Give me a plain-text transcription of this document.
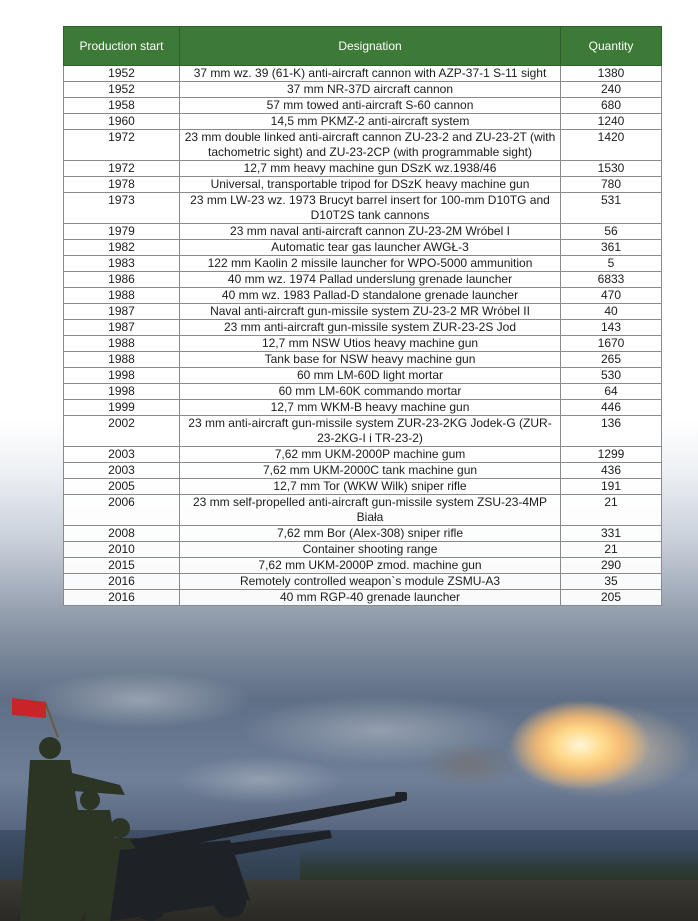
Production start	Designation	Quantity
1952	37 mm wz. 39 (61-K) anti-aircraft cannon with AZP-37-1 S-11 sight	1380
1952	37 mm NR-37D aircraft cannon	240
1958	57 mm towed anti-aircraft S-60 cannon	680
1960	14,5 mm PKMZ-2 anti-aircraft system	1240
1972	23 mm double linked anti-aircraft cannon ZU-23-2 and ZU-23-2T (with tachometric sight) and ZU-23-2CP (with programmable sight)	1420
1972	12,7 mm heavy machine gun DSzK wz.1938/46	1530
1978	Universal, transportable tripod for DSzK heavy machine gun	780
1973	23 mm LW-23 wz. 1973 Brucyt barrel insert for 100-mm D10TG and D10T2S tank cannons	531
1979	23 mm naval anti-aircraft cannon ZU-23-2M Wróbel I	56
1982	Automatic tear gas launcher AWGŁ-3	361
1983	122 mm Kaolin 2 missile launcher for WPO-5000 ammunition	5
1986	40 mm wz. 1974 Pallad underslung grenade launcher	6833
1988	40 mm wz. 1983 Pallad-D standalone grenade launcher	470
1987	Naval anti-aircraft gun-missile system ZU-23-2 MR Wróbel II	40
1987	23 mm anti-aircraft gun-missile system ZUR-23-2S Jod	143
1988	12,7 mm NSW Utios heavy machine gun	1670
1988	Tank base for NSW heavy machine gun	265
1998	60 mm LM-60D light mortar	530
1998	60 mm LM-60K commando mortar	64
1999	12,7 mm WKM-B heavy machine gun	446
2002	23 mm anti-aircraft gun-missile system ZUR-23-2KG Jodek-G (ZUR-23-2KG-I i TR-23-2)	136
2003	7,62 mm UKM-2000P machine gum	1299
2003	7,62 mm UKM-2000C tank machine gun	436
2005	12,7 mm Tor (WKW Wilk) sniper rifle	191
2006	23 mm self-propelled anti-aircraft gun-missile system ZSU-23-4MP Biała	21
2008	7,62 mm Bor (Alex-308) sniper rifle	331
2010	Container shooting range	21
2015	7,62 mm UKM-2000P zmod. machine gun	290
2016	Remotely controlled weapon`s module ZSMU-A3	35
2016	40 mm RGP-40 grenade launcher	205
